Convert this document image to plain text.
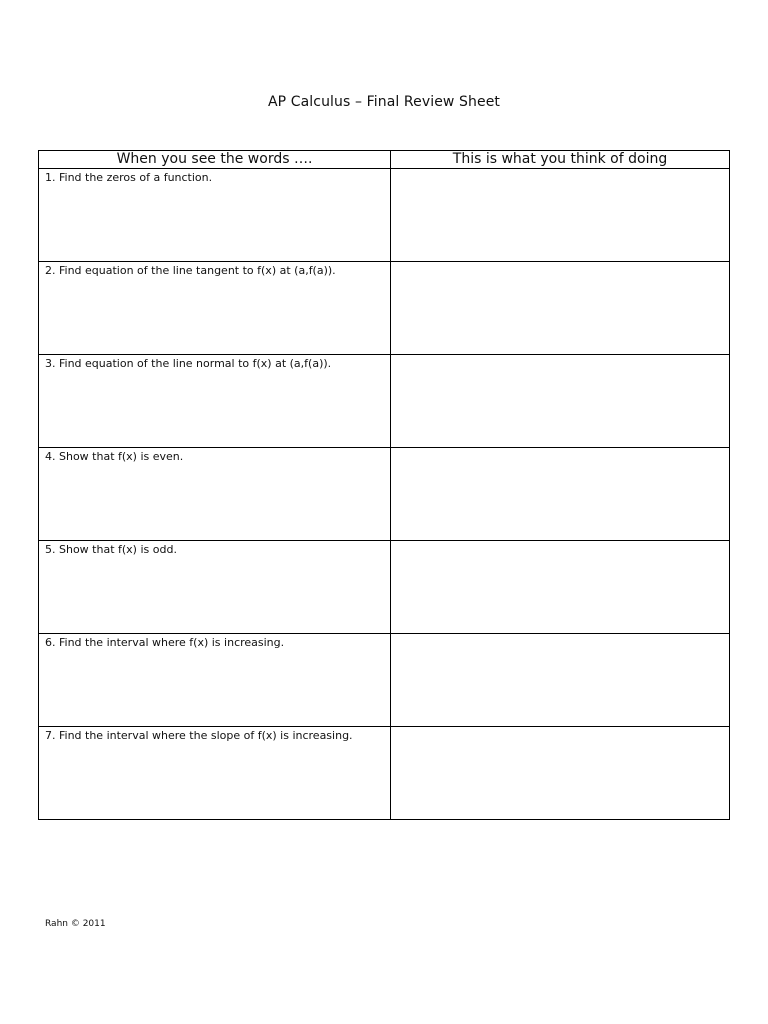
AP Calculus – Final Review Sheet
When you see the words ….	This is what you think of doing

1. Find the zeros of a function.	

2. Find equation of the line tangent to f(x) at (a,f(a)).	

3. Find equation of the line normal to f(x) at (a,f(a)).	

4. Show that f(x) is even.	

5. Show that f(x) is odd.	

6. Find the interval where f(x) is increasing.	

7. Find the interval where the slope of f(x) is increasing.	

Rahn © 2011
